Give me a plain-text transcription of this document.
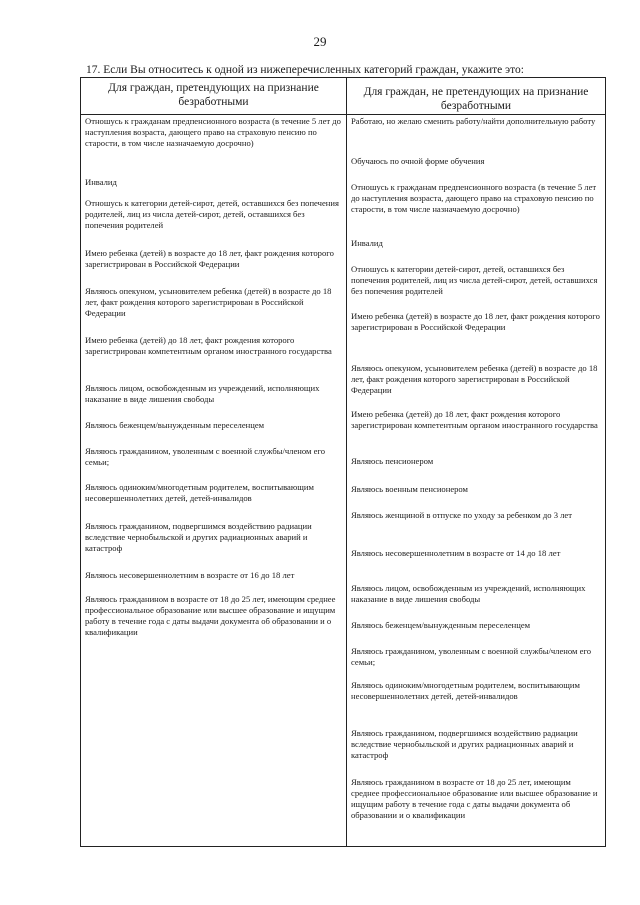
29
17. Если Вы относитесь к одной из нижеперечисленных категорий граждан, укажите это:
Для граждан, претендующих на признание безработными
Для граждан, не претендующих на признание безработными
Отношусь к гражданам предпенсионного возраста (в течение 5 лет до наступления возраста, дающего право на страховую пенсию по старости, в том числе назначаемую досрочно)
Инвалид
Отношусь к категории детей-сирот, детей, оставшихся без попечения родителей, лиц из числа детей-сирот, детей, оставшихся без попечения родителей
Имею ребенка (детей) в возрасте до 18 лет, факт рождения которого зарегистрирован в Российской Федерации
Являюсь опекуном, усыновителем ребенка (детей) в возрасте до 18 лет, факт рождения которого зарегистрирован в Российской Федерации
Имею ребенка (детей) до 18 лет, факт рождения которого зарегистрирован компетентным органом иностранного государства
Являюсь лицом, освобожденным из учреждений, исполняющих наказание в виде лишения свободы
Являюсь беженцем/вынужденным переселенцем
Являюсь гражданином, уволенным с военной службы/членом его семьи;
Являюсь одиноким/многодетным родителем, воспитывающим несовершеннолетних детей, детей-инвалидов
Являюсь гражданином, подвергшимся воздействию радиации вследствие чернобыльской и других радиационных аварий и катастроф
Являюсь несовершеннолетним в возрасте от 16 до 18 лет
Являюсь гражданином в возрасте от 18 до 25 лет, имеющим среднее профессиональное образование или высшее образование и ищущим работу в течение года с даты выдачи документа об образовании и о квалификации
Работаю, но желаю сменить работу/найти дополнительную работу
Обучаюсь по очной форме обучения
Отношусь к гражданам предпенсионного возраста (в течение 5 лет до наступления возраста, дающего право на страховую пенсию по старости, в том числе назначаемую досрочно)
Инвалид
Отношусь к категории детей-сирот, детей, оставшихся без попечения родителей, лиц из числа детей-сирот, детей, оставшихся без попечения родителей
Имею ребенка (детей) в возрасте до 18 лет, факт рождения которого зарегистрирован в Российской Федерации
Являюсь опекуном, усыновителем ребенка (детей) в возрасте до 18 лет, факт рождения которого зарегистрирован в Российской Федерации
Имею ребенка (детей) до 18 лет, факт рождения которого зарегистрирован компетентным органом иностранного государства
Являюсь пенсионером
Являюсь военным пенсионером
Являюсь женщиной в отпуске по уходу за ребенком до 3 лет
Являюсь несовершеннолетним в возрасте от 14 до 18 лет
Являюсь лицом, освобожденным из учреждений, исполняющих наказание в виде лишения свободы
Являюсь беженцем/вынужденным переселенцем
Являюсь гражданином, уволенным с военной службы/членом его семьи;
Являюсь одиноким/многодетным родителем, воспитывающим несовершеннолетних детей, детей-инвалидов
Являюсь гражданином, подвергшимся воздействию радиации вследствие чернобыльской и других радиационных аварий и катастроф
Являюсь гражданином в возрасте от 18 до 25 лет, имеющим среднее профессиональное образование или высшее образование и ищущим работу в течение года с даты выдачи документа об образовании и о квалификации
